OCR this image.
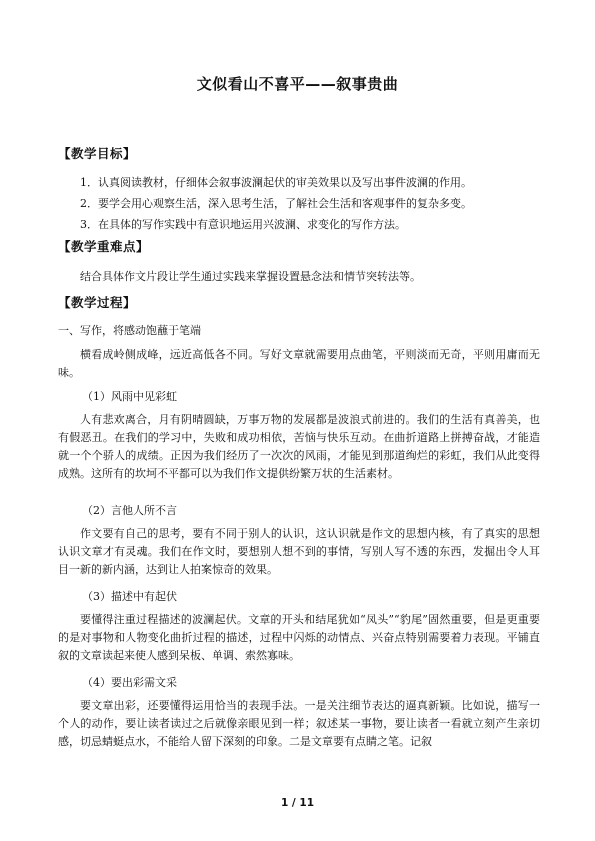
文似看山不喜平——叙事贵曲
【教学目标】
1．认真阅读教材，仔细体会叙事波澜起伏的审美效果以及写出事件波澜的作用。
2．要学会用心观察生活，深入思考生活，了解社会生活和客观事件的复杂多变。
3．在具体的写作实践中有意识地运用兴波澜、求变化的写作方法。
【教学重难点】
结合具体作文片段让学生通过实践来掌握设置悬念法和情节突转法等。
【教学过程】
一、写作，将感动饱蘸于笔端
横看成岭侧成峰，远近高低各不同。写好文章就需要用点曲笔，平则淡而无奇，平则用庸而无味。
（1）风雨中见彩虹
人有悲欢离合，月有阴晴圆缺，万事万物的发展都是波浪式前进的。我们的生活有真善美，也有假恶丑。在我们的学习中，失败和成功相依，苦恼与快乐互动。在曲折道路上拼搏奋战，才能造就一个个骄人的成绩。正因为我们经历了一次次的风雨，才能见到那道绚烂的彩虹，我们从此变得成熟。这所有的坎坷不平都可以为我们作文提供纷繁万状的生活素材。
（2）言他人所不言
作文要有自己的思考，要有不同于别人的认识，这认识就是作文的思想内核，有了真实的思想认识文章才有灵魂。我们在作文时，要想别人想不到的事情，写别人写不透的东西，发掘出令人耳目一新的新内涵，达到让人拍案惊奇的效果。
（3）描述中有起伏
要懂得注重过程描述的波澜起伏。文章的开头和结尾犹如“凤头”“豹尾”固然重要，但是更重要的是对事物和人物变化曲折过程的描述，过程中闪烁的动情点、兴奋点特别需要着力表现。平铺直叙的文章读起来使人感到呆板、单调、索然寡味。
（4）要出彩需文采
要文章出彩，还要懂得运用恰当的表现手法。一是关注细节表达的逼真新颖。比如说，描写一个人的动作，要让读者读过之后就像亲眼见到一样；叙述某一事物，要让读者一看就立刻产生亲切感，切忌蜻蜓点水，不能给人留下深刻的印象。二是文章要有点睛之笔。记叙
1 / 11
